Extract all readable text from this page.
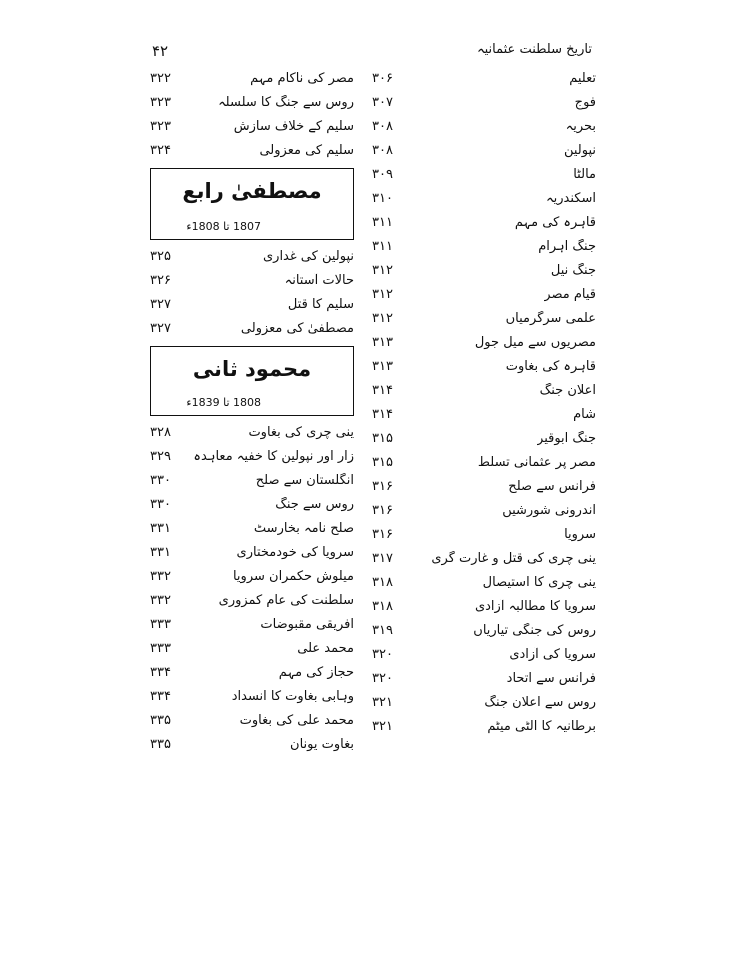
۴۲	تاریخ سلطنت عثمانیہ
تعلیم
۳۰۶
فوج
۳۰۷
بحریہ
۳۰۸
نپولین
۳۰۸
مالٹا
۳۰۹
اسکندریہ
۳۱۰
قاہرہ کی مہم
۳۱۱
جنگ اہرام
۳۱۱
جنگ نیل
۳۱۲
قیام مصر
۳۱۲
علمی سرگرمیاں
۳۱۲
مصریوں سے میل جول
۳۱۳
قاہرہ کی بغاوت
۳۱۳
اعلان جنگ
۳۱۴
شام
۳۱۴
جنگ ابوقیر
۳۱۵
مصر پر عثمانی تسلط
۳۱۵
فرانس سے صلح
۳۱۶
اندرونی شورشیں
۳۱۶
سرویا
۳۱۶
ینی چری کی قتل و غارت گری
۳۱۷
ینی چری کا استیصال
۳۱۸
سرویا کا مطالبہ آزادی
۳۱۸
روس کی جنگی تیاریاں
۳۱۹
سرویا کی آزادی
۳۲۰
فرانس سے اتحاد
۳۲۰
روس سے اعلان جنگ
۳۲۱
برطانیہ کا الٹی میٹم
۳۲۱
مصر کی ناکام مہم
۳۲۲
روس سے جنگ کا سلسلہ
۳۲۳
سلیم کے خلاف سازش
۳۲۳
سلیم کی معزولی
۳۲۴
مصطفیٰ رابع
1807 تا 1808ء
نپولین کی غداری
۳۲۵
حالات آستانہ
۳۲۶
سلیم کا قتل
۳۲۷
مصطفیٰ کی معزولی
۳۲۷
محمود ثانی
1808 تا 1839ء
ینی چری کی بغاوت
۳۲۸
زار اور نپولین کا خفیہ معاہدہ
۳۲۹
انگلستان سے صلح
۳۳۰
روس سے جنگ
۳۳۰
صلح نامہ بخارسٹ
۳۳۱
سرویا کی خودمختاری
۳۳۱
میلوش حکمران سرویا
۳۳۲
سلطنت کی عام کمزوری
۳۳۲
افریقی مقبوضات
۳۳۳
محمد علی
۳۳۳
حجاز کی مہم
۳۳۴
وہابی بغاوت کا انسداد
۳۳۴
محمد علی کی بغاوت
۳۳۵
بغاوت یونان
۳۳۵
